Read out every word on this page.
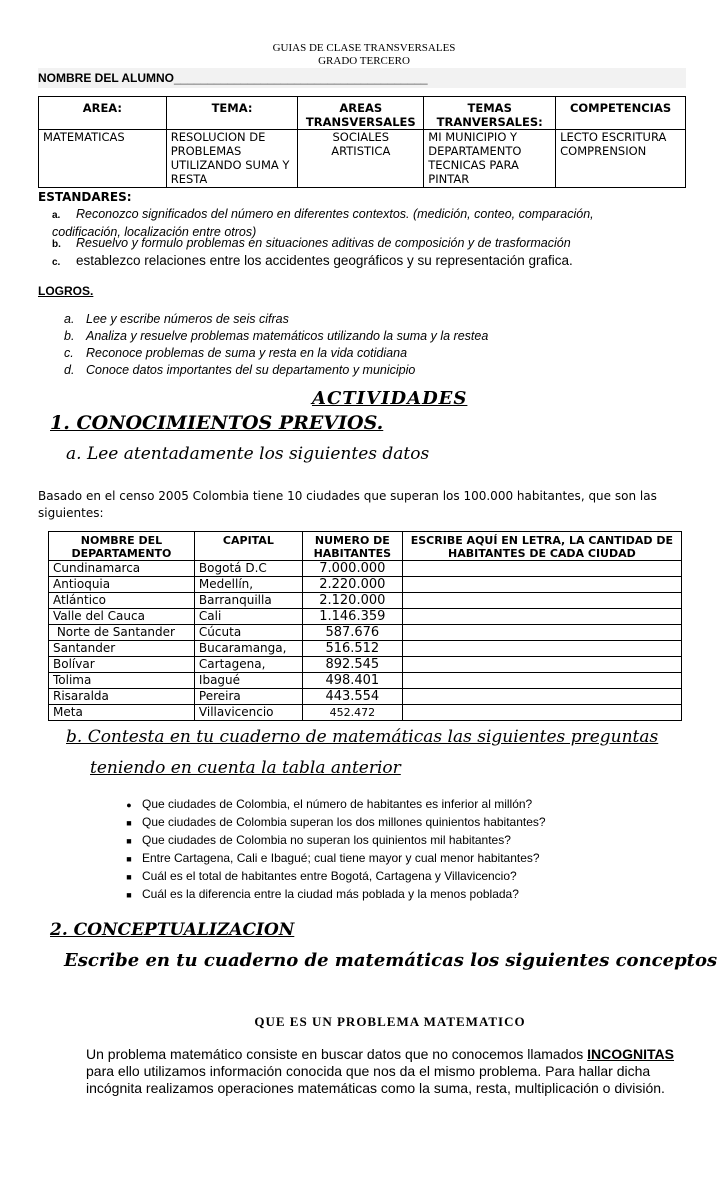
GUIAS DE CLASE TRANSVERSALES
GRADO TERCERO
NOMBRE DEL ALUMNO______________________________________
AREA:	TEMA:	AREAS TRANSVERSALES	TEMAS TRANVERSALES:	COMPETENCIAS
MATEMATICAS	RESOLUCION DE PROBLEMAS UTILIZANDO SUMA Y RESTA	SOCIALES ARTISTICA	MI MUNICIPIO Y DEPARTAMENTO TECNICAS PARA PINTAR	LECTO ESCRITURA COMPRENSION
ESTANDARES:
a. Reconozco significados del número en diferentes contextos. (medición, conteo, comparación, codificación, localización entre otros)
b. Resuelvo y formulo problemas en situaciones aditivas de composición y de trasformación
c. establezco relaciones entre los accidentes geográficos y su representación grafica.
LOGROS.
a. Lee y escribe números de seis cifras
b. Analiza y resuelve problemas matemáticos utilizando la suma y la restea
c. Reconoce problemas de suma y resta en la vida cotidiana
d. Conoce datos importantes del su departamento y municipio
ACTIVIDADES
1. CONOCIMIENTOS PREVIOS.
a. Lee atentadamente los siguientes datos
Basado en el censo 2005 Colombia tiene 10 ciudades que superan los 100.000 habitantes, que son las siguientes:
NOMBRE DEL DEPARTAMENTO	CAPITAL	NUMERO DE HABITANTES	ESCRIBE AQUÍ EN LETRA, LA CANTIDAD DE HABITANTES DE CADA CIUDAD
Cundinamarca	Bogotá D.C	7.000.000	
Antioquia	Medellín,	2.220.000	
Atlántico	Barranquilla	2.120.000	
Valle del Cauca	Cali	1.146.359	
Norte de Santander	Cúcuta	587.676	
Santander	Bucaramanga,	516.512	
Bolívar	Cartagena,	892.545	
Tolima	Ibagué	498.401	
Risaralda	Pereira	443.554	
Meta	Villavicencio	452.472	
b. Contesta en tu cuaderno de matemáticas las siguientes preguntas
teniendo en cuenta la tabla anterior
● Que ciudades de Colombia, el número de habitantes es inferior al millón?
■ Que ciudades de Colombia superan los dos millones quinientos habitantes?
■ Que ciudades de Colombia no superan los quinientos mil habitantes?
■ Entre Cartagena, Cali e Ibagué; cual tiene mayor y cual menor habitantes?
■ Cuál es el total de habitantes entre Bogotá, Cartagena y Villavicencio?
■ Cuál es la diferencia entre la ciudad más poblada y la menos poblada?
2. CONCEPTUALIZACION
Escribe en tu cuaderno de matemáticas los siguientes conceptos
QUE ES UN PROBLEMA MATEMATICO
Un problema matemático consiste en buscar datos que no conocemos llamados INCOGNITAS para ello utilizamos información conocida que nos da el mismo problema. Para hallar dicha incógnita realizamos operaciones matemáticas como la suma, resta, multiplicación o división.
